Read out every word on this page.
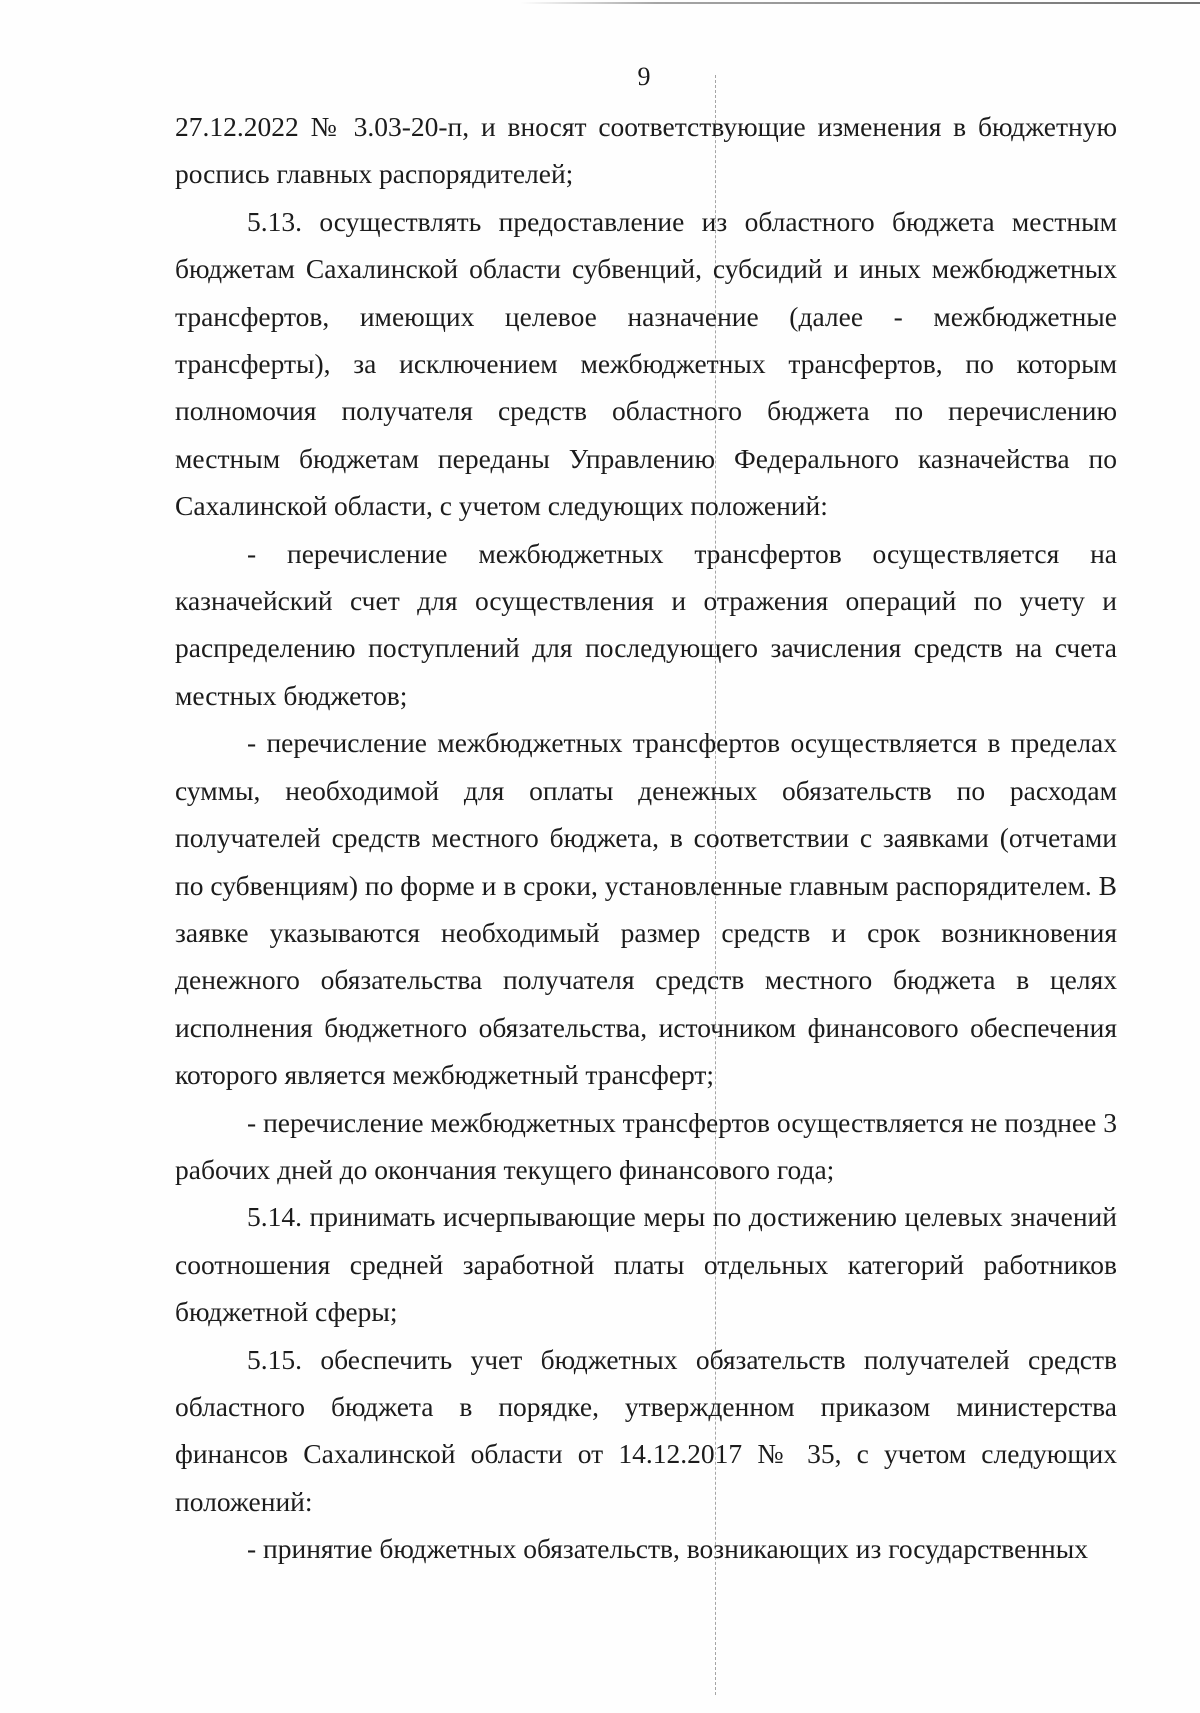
9

27.12.2022 № 3.03-20-п, и вносят соответствующие изменения в бюджетную роспись главных распорядителей;

5.13. осуществлять предоставление из областного бюджета местным бюджетам Сахалинской области субвенций, субсидий и иных межбюджетных трансфертов, имеющих целевое назначение (далее - межбюджетные трансферты), за исключением межбюджетных трансфертов, по которым полномочия получателя средств областного бюджета по перечислению местным бюджетам переданы Управлению Федерального казначейства по Сахалинской области, с учетом следующих положений:

- перечисление межбюджетных трансфертов осуществляется на казначейский счет для осуществления и отражения операций по учету и распределению поступлений для последующего зачисления средств на счета местных бюджетов;

- перечисление межбюджетных трансфертов осуществляется в пределах суммы, необходимой для оплаты денежных обязательств по расходам получателей средств местного бюджета, в соответствии с заявками (отчетами по субвенциям) по форме и в сроки, установленные главным распорядителем. В заявке указываются необходимый размер средств и срок возникновения денежного обязательства получателя средств местного бюджета в целях исполнения бюджетного обязательства, источником финансового обеспечения которого является межбюджетный трансферт;

- перечисление межбюджетных трансфертов осуществляется не позднее 3 рабочих дней до окончания текущего финансового года;

5.14. принимать исчерпывающие меры по достижению целевых значений соотношения средней заработной платы отдельных категорий работников бюджетной сферы;

5.15. обеспечить учет бюджетных обязательств получателей средств областного бюджета в порядке, утвержденном приказом министерства финансов Сахалинской области от 14.12.2017 № 35, с учетом следующих положений:

- принятие бюджетных обязательств, возникающих из государственных
